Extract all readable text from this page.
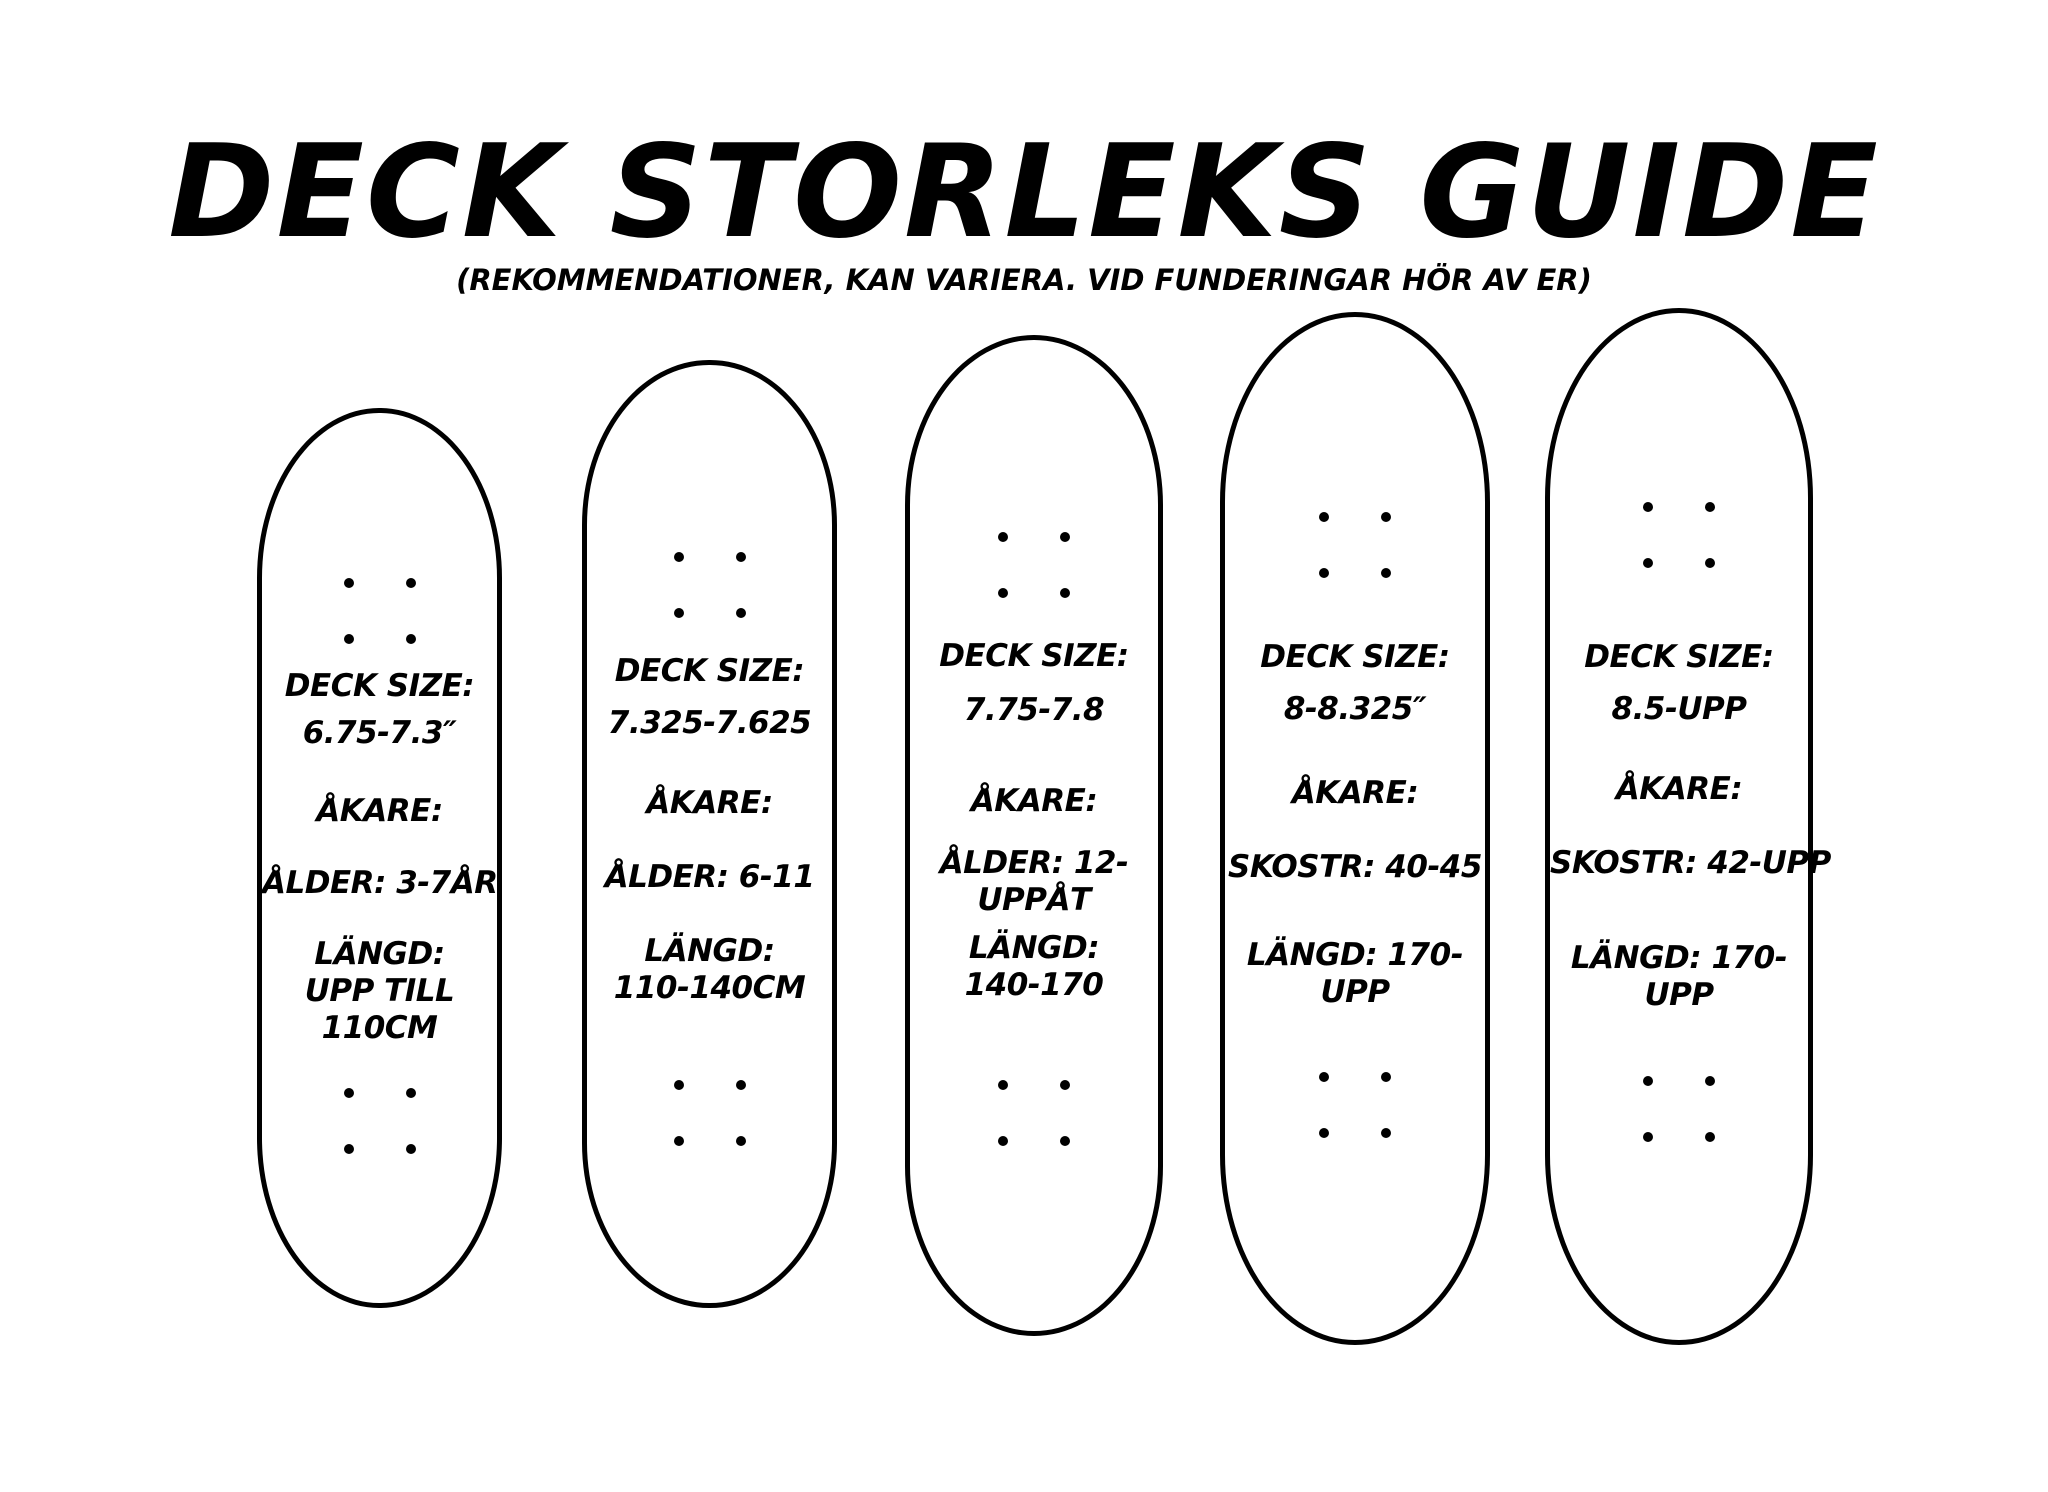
DECK STORLEKS GUIDE
(REKOMMENDATIONER, KAN VARIERA. VID FUNDERINGAR HÖR AV ER)
DECK SIZE:
6.75-7.3″
ÅKARE:
ÅLDER: 3-7ÅR
LÄNGD:
UPP TILL
110CM
DECK SIZE:
7.325-7.625
ÅKARE:
ÅLDER: 6-11
LÄNGD:
110-140CM
DECK SIZE:
7.75-7.8
ÅKARE:
ÅLDER: 12-
UPPÅT
LÄNGD:
140-170
DECK SIZE:
8-8.325″
ÅKARE:
SKOSTR: 40-45
LÄNGD: 170-
UPP
DECK SIZE:
8.5-UPP
ÅKARE:
SKOSTR: 42-UPP
LÄNGD: 170-
UPP
